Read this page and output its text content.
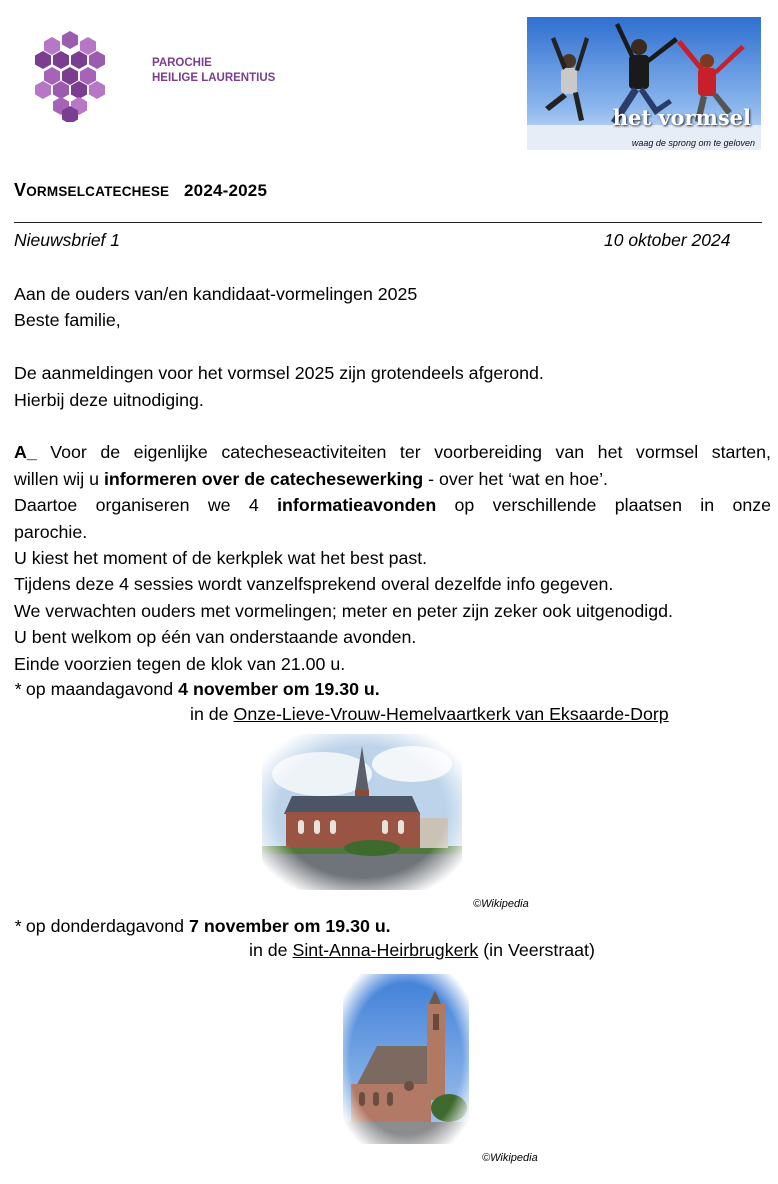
PAROCHIE
HEILIGE LAURENTIUS
het vormsel
waag de sprong om te geloven
VORMSELCATECHESE 2024-2025
Nieuwsbrief 1	10 oktober 2024

Aan de ouders van/en kandidaat-vormelingen 2025

Beste familie,

De aanmeldingen voor het vormsel 2025 zijn grotendeels afgerond.

Hierbij deze uitnodiging.

A_ Voor de eigenlijke catecheseactiviteiten ter voorbereiding van het vormsel starten,

willen wij u informeren over de catechesewerking - over het ‘wat en hoe’.

Daartoe organiseren we 4 informatieavonden op verschillende plaatsen in onze

parochie.

U kiest het moment of de kerkplek wat het best past.

Tijdens deze 4 sessies wordt vanzelfsprekend overal dezelfde info gegeven.

We verwachten ouders met vormelingen; meter en peter zijn zeker ook uitgenodigd.

U bent welkom op één van onderstaande avonden.

Einde voorzien tegen de klok van 21.00 u.

* op maandagavond 4 november om 19.30 u.

in de Onze-Lieve-Vrouw-Hemelvaartkerk van Eksaarde-Dorp

©Wikipedia
* op donderdagavond 7 november om 19.30 u.
in de Sint-Anna-Heirbrugkerk (in Veerstraat)
©Wikipedia
